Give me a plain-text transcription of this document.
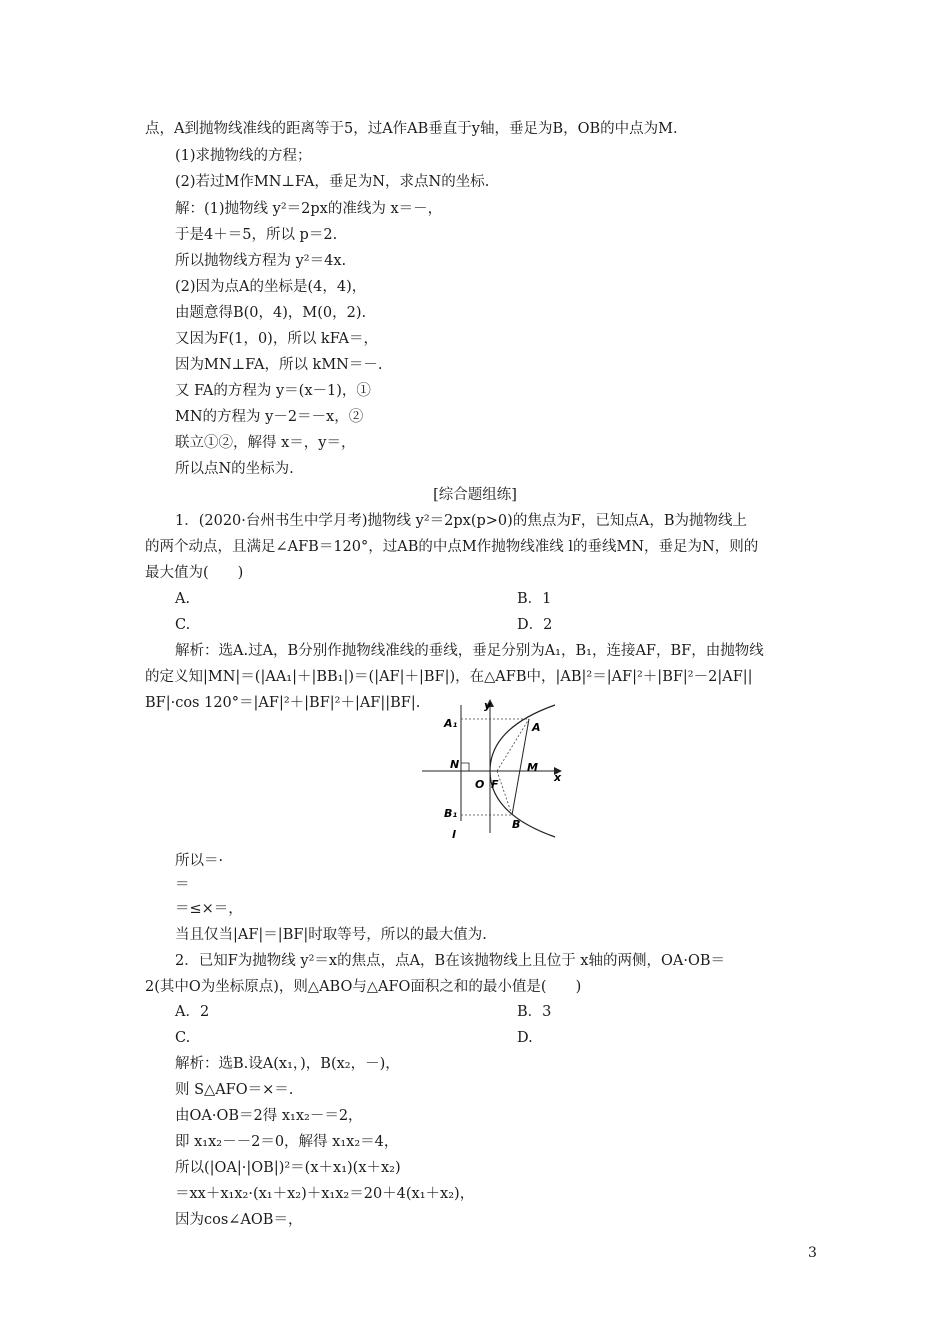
点，A到抛物线准线的距离等于5，过A作AB垂直于y轴，垂足为B，OB的中点为M.
(1)求抛物线的方程；
(2)若过M作MN⊥FA，垂足为N，求点N的坐标.
解：(1)抛物线 y²＝2px的准线为 x＝－，
于是4＋＝5，所以 p＝2.
所以抛物线方程为 y²＝4x.
(2)因为点A的坐标是(4，4)，
由题意得B(0，4)，M(0，2).
又因为F(1，0)，所以 kFA＝，
因为MN⊥FA，所以 kMN＝－.
又 FA的方程为 y＝(x－1)，①
MN的方程为 y－2＝－x，②
联立①②，解得 x＝，y＝，
所以点N的坐标为.
[综合题组练]
1．(2020·台州书生中学月考)抛物线 y²＝2px(p>0)的焦点为F，已知点A，B为抛物线上
的两个动点，且满足∠AFB＝120°，过AB的中点M作抛物线准线 l的垂线MN，垂足为N，则的
最大值为(　　)
A.	B．1
C.	D．2
解析：选A.过A，B分别作抛物线准线的垂线，垂足分别为A₁，B₁，连接AF，BF，由抛物线
的定义知|MN|＝(|AA₁|＋|BB₁|)＝(|AF|＋|BF|)，在△AFB中，|AB|²＝|AF|²＋|BF|²－2|AF||
BF|·cos 120°＝|AF|²＋|BF|²＋|AF||BF|.	y
x
A₁	A
N
O F
M
B₁
B
l
所以＝·
＝
＝≤×＝，
当且仅当|AF|＝|BF|时取等号，所以的最大值为.
2．已知F为抛物线 y²＝x的焦点，点A，B在该抛物线上且位于 x轴的两侧，OA·OB＝
2(其中O为坐标原点)，则△ABO与△AFO面积之和的最小值是(　　)
A．2	B．3
C.	D.
解析：选B.设A(x₁，)，B(x₂，－)，
则 S△AFO＝×＝.
由OA·OB＝2得 x₁x₂－＝2，
即 x₁x₂－－2＝0，解得 x₁x₂＝4，
所以(|OA|·|OB|)²＝(x＋x₁)(x＋x₂)
＝xx＋x₁x₂·(x₁＋x₂)＋x₁x₂＝20＋4(x₁＋x₂)，
因为cos∠AOB＝，
3
